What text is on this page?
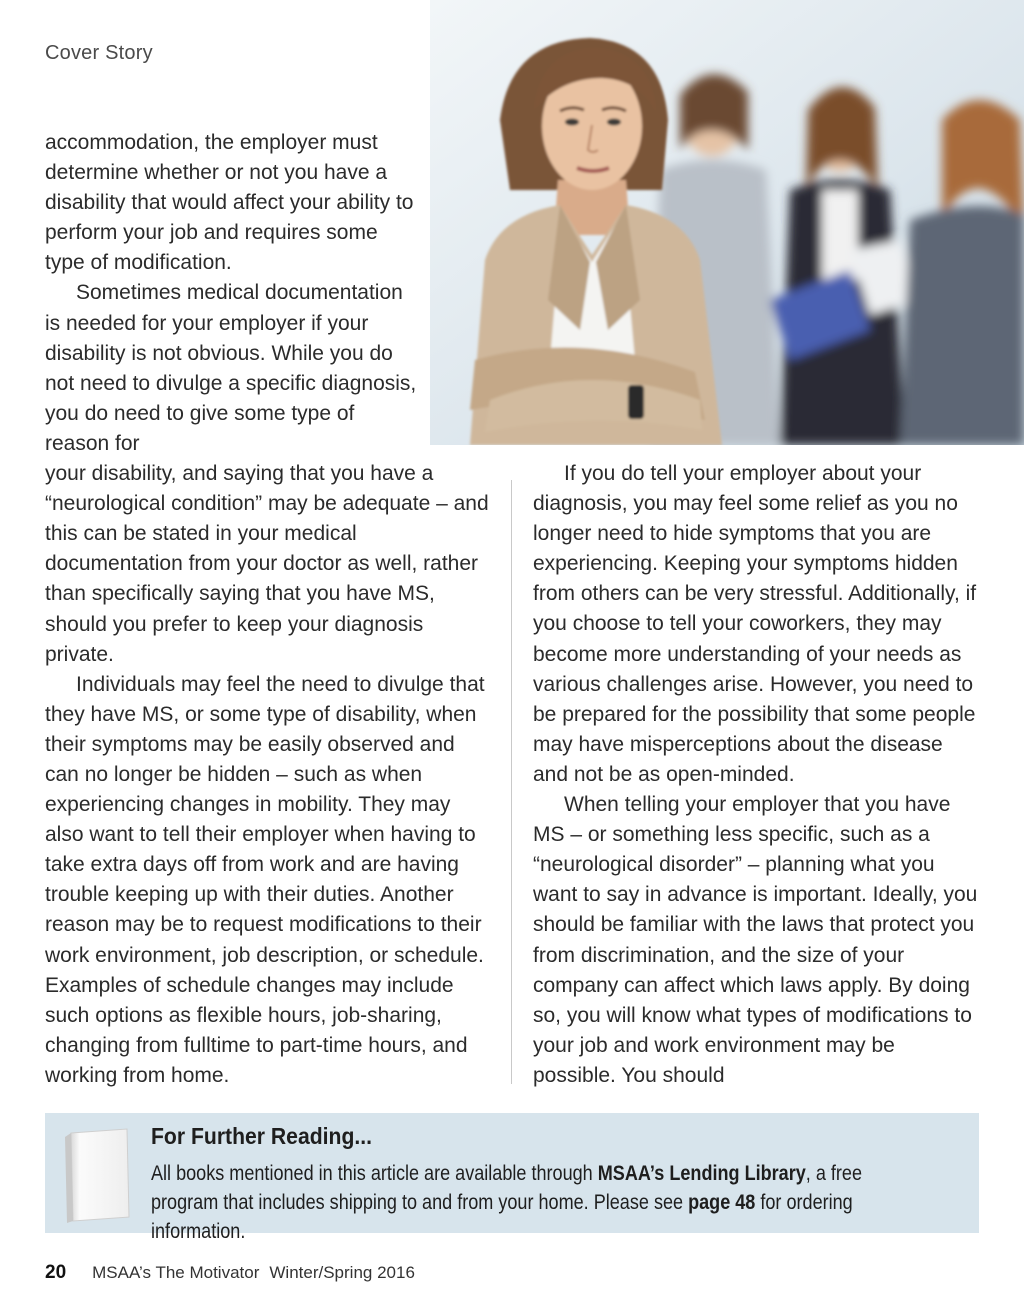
Cover Story

accommodation, the employer must determine whether or not you have a disability that would affect your ability to perform your job and requires some type of modification.

Sometimes medical documentation is needed for your employer if your disability is not obvious. While you do not need to divulge a specific diagnosis, you do need to give some type of reason for

your disability, and saying that you have a “neurological condition” may be adequate – and this can be stated in your medical documentation from your doctor as well, rather than specifically saying that you have MS, should you prefer to keep your diagnosis private.

Individuals may feel the need to divulge that they have MS, or some type of disability, when their symptoms may be easily observed and can no longer be hidden – such as when experiencing changes in mobility. They may also want to tell their employer when having to take extra days off from work and are having trouble keeping up with their duties. Another reason may be to request modifications to their work environment, job description, or schedule. Examples of schedule changes may include such options as flexible hours, job-sharing, changing from fulltime to part-time hours, and working from home.

If you do tell your employer about your diagnosis, you may feel some relief as you no longer need to hide symptoms that you are experiencing. Keeping your symptoms hidden from others can be very stressful. Additionally, if you choose to tell your coworkers, they may become more understanding of your needs as various challenges arise. However, you need to be prepared for the possibility that some people may have misperceptions about the disease and not be as open-minded.

When telling your employer that you have MS – or something less specific, such as a “neurological disorder” – planning what you want to say in advance is important. Ideally, you should be familiar with the laws that protect you from discrimination, and the size of your company can affect which laws apply. By doing so, you will know what types of modifications to your job and work environment may be possible. You should

For Further Reading...
All books mentioned in this article are available through MSAA’s Lending Library, a free program that includes shipping to and from your home. Please see page 48 for ordering information.
20 MSAA’s The Motivator Winter/Spring 2016
